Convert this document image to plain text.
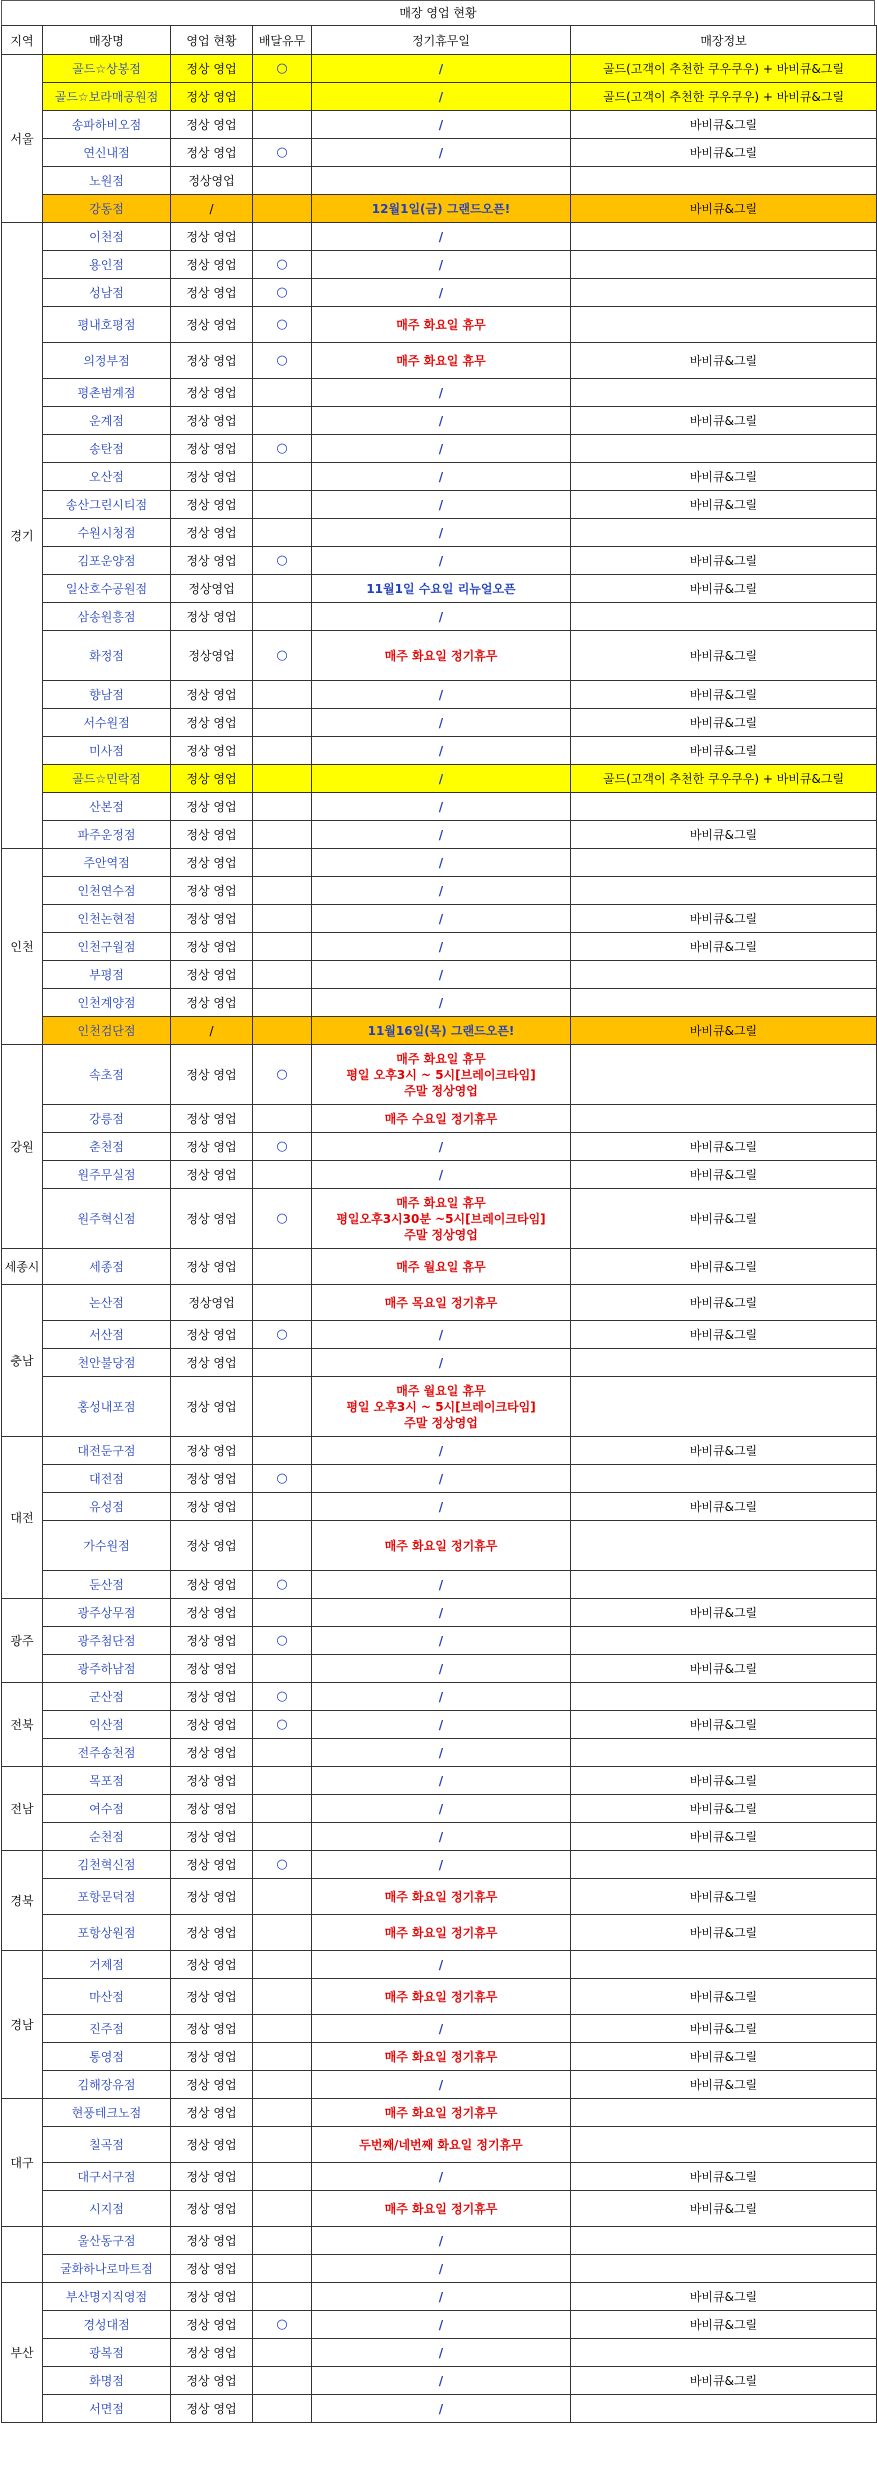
매장 영업 현황
지역	매장명	영업 현황	배달유무	정기휴무일	매장정보
서울	골드☆상봉점	정상 영업	○	/	골드(고객이 추천한 쿠우쿠우) + 바비큐&그릴
	골드☆보라매공원점	정상 영업		/	골드(고객이 추천한 쿠우쿠우) + 바비큐&그릴
	송파하비오점	정상 영업		/	바비큐&그릴
	연신내점	정상 영업	○	/	바비큐&그릴
	노원점	정상영업			
	강동점	/		12월1일(금) 그랜드오픈!	바비큐&그릴
경기	이천점	정상 영업		/	
	용인점	정상 영업	○	/	
	성남점	정상 영업	○	/	
	평내호평점	정상 영업	○	매주 화요일 휴무	
	의정부점	정상 영업	○	매주 화요일 휴무	바비큐&그릴
	평촌범계점	정상 영업		/	
	운계점	정상 영업		/	바비큐&그릴
	송탄점	정상 영업	○	/	
	오산점	정상 영업		/	바비큐&그릴
	송산그린시티점	정상 영업		/	바비큐&그릴
	수원시청점	정상 영업		/	
	김포운양점	정상 영업	○	/	바비큐&그릴
	일산호수공원점	정상영업		11월1일 수요일 리뉴얼오픈	바비큐&그릴
	삼송원흥점	정상 영업		/	
	화정점	정상영업	○	매주 화요일 정기휴무	바비큐&그릴
	향남점	정상 영업		/	바비큐&그릴
	서수원점	정상 영업		/	바비큐&그릴
	미사점	정상 영업		/	바비큐&그릴
	골드☆민락점	정상 영업		/	골드(고객이 추천한 쿠우쿠우) + 바비큐&그릴
	산본점	정상 영업		/	
	파주운정점	정상 영업		/	바비큐&그릴
인천	주안역점	정상 영업		/	
	인천연수점	정상 영업		/	
	인천논현점	정상 영업		/	바비큐&그릴
	인천구월점	정상 영업		/	바비큐&그릴
	부평점	정상 영업		/	
	인천계양점	정상 영업		/	
	인천검단점	/		11월16일(목) 그랜드오픈!	바비큐&그릴
강원	속초점	정상 영업	○	매주 화요일 휴무
평일 오후3시 ~ 5시[브레이크타임]
주말 정상영업	
	강릉점	정상 영업		매주 수요일 정기휴무	
	춘천점	정상 영업	○	/	바비큐&그릴
	원주무실점	정상 영업		/	바비큐&그릴
	원주혁신점	정상 영업	○	매주 화요일 휴무
평일오후3시30분 ~5시[브레이크타임]
주말 정상영업	바비큐&그릴
세종시	세종점	정상 영업		매주 월요일 휴무	바비큐&그릴
충남	논산점	정상영업		매주 목요일 정기휴무	바비큐&그릴
	서산점	정상 영업	○	/	바비큐&그릴
	천안불당점	정상 영업		/	
	홍성내포점	정상 영업		매주 월요일 휴무
평일 오후3시 ~ 5시[브레이크타임]
주말 정상영업	
대전	대전둔구점	정상 영업		/	바비큐&그릴
	대전점	정상 영업	○	/	
	유성점	정상 영업		/	바비큐&그릴
	가수원점	정상 영업		매주 화요일 정기휴무	
	둔산점	정상 영업	○	/	
광주	광주상무점	정상 영업		/	바비큐&그릴
	광주첨단점	정상 영업	○	/	
	광주하남점	정상 영업		/	바비큐&그릴
전북	군산점	정상 영업	○	/	
	익산점	정상 영업	○	/	바비큐&그릴
	전주송천점	정상 영업		/	
전남	목포점	정상 영업		/	바비큐&그릴
	여수점	정상 영업		/	바비큐&그릴
	순천점	정상 영업		/	바비큐&그릴
경북	김천혁신점	정상 영업	○	/	
	포항문덕점	정상 영업		매주 화요일 정기휴무	바비큐&그릴
	포항상원점	정상 영업		매주 화요일 정기휴무	바비큐&그릴
경남	거제점	정상 영업		/	
	마산점	정상 영업		매주 화요일 정기휴무	바비큐&그릴
	진주점	정상 영업		/	바비큐&그릴
	통영점	정상 영업		매주 화요일 정기휴무	바비큐&그릴
	김해장유점	정상 영업		/	바비큐&그릴
대구	현풍테크노점	정상 영업		매주 화요일 정기휴무	
	칠곡점	정상 영업		두번째/네번째 화요일 정기휴무	
	대구서구점	정상 영업		/	바비큐&그릴
	시지점	정상 영업		매주 화요일 정기휴무	바비큐&그릴
	울산동구점	정상 영업		/	
	굴화하나로마트점	정상 영업		/	
부산	부산명지직영점	정상 영업		/	바비큐&그릴
	경성대점	정상 영업	○	/	바비큐&그릴
	광복점	정상 영업		/	
	화명점	정상 영업		/	바비큐&그릴
	서면점	정상 영업		/	
